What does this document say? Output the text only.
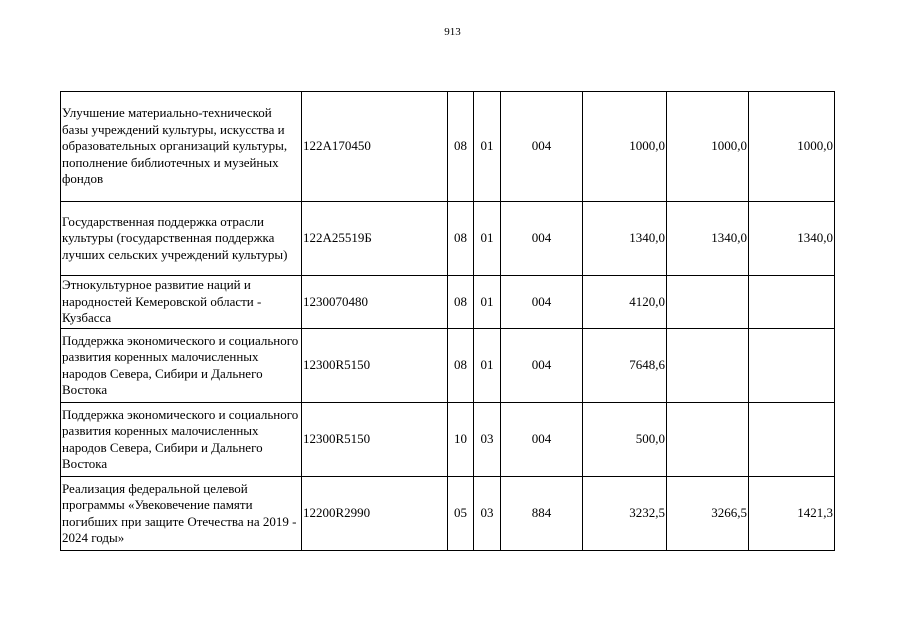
913
Улучшение материально-технической базы учреждений культуры, искусства и образовательных организаций культуры, пополнение библиотечных и музейных фондов	122А170450	08	01	004	1000,0	1000,0	1000,0
Государственная поддержка отрасли культуры (государственная поддержка лучших сельских учреждений культуры)	122А25519Б	08	01	004	1340,0	1340,0	1340,0
Этнокультурное развитие наций и народностей Кемеровской области - Кузбасса	1230070480	08	01	004	4120,0		
Поддержка экономического и социального развития коренных малочисленных народов Севера, Сибири и Дальнего Востока	12300R5150	08	01	004	7648,6		
Поддержка экономического и социального развития коренных малочисленных народов Севера, Сибири и Дальнего Востока	12300R5150	10	03	004	500,0		
Реализация федеральной целевой программы «Увековечение памяти погибших при защите Отечества на 2019 - 2024 годы»	12200R2990	05	03	884	3232,5	3266,5	1421,3
